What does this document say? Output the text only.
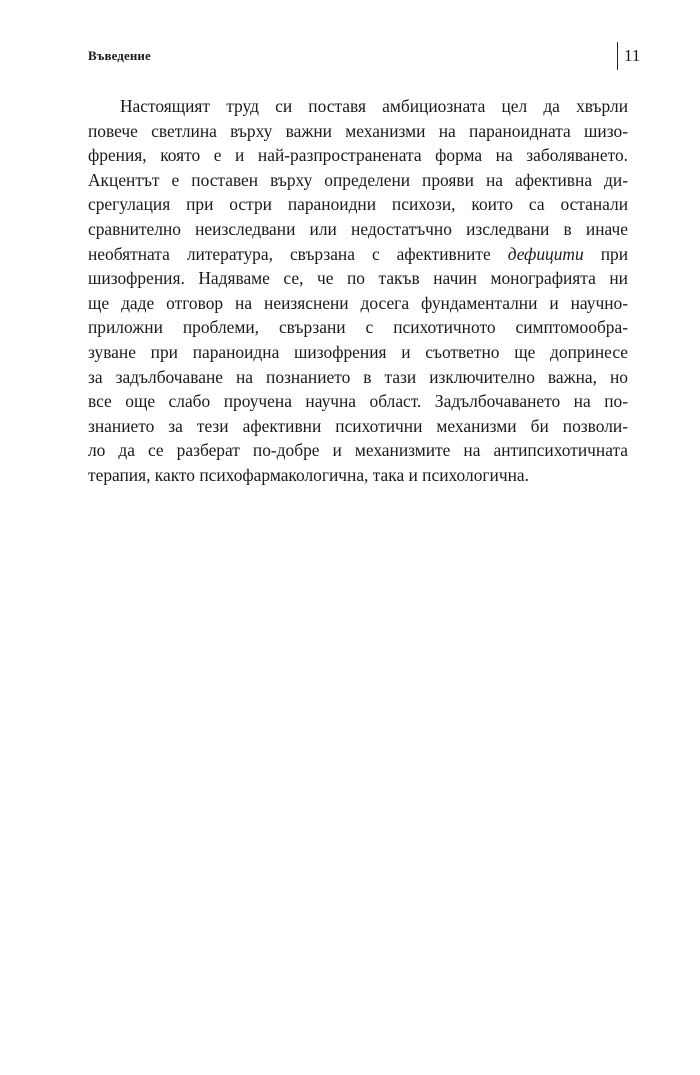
Въведение	11
Настоящият труд си поставя амбициозната цел да хвърли
повече светлина върху важни механизми на параноидната шизо-
френия, която е и най-разпространената форма на заболяването.
Акцентът е поставен върху определени прояви на афективна ди-
срегулация при остри параноидни психози, които са останали
сравнително неизследвани или недостатъчно изследвани в иначе
необятната литература, свързана с афективните дефицити при
шизофрения. Надяваме се, че по такъв начин монографията ни
ще даде отговор на неизяснени досега фундаментални и научно-
приложни проблеми, свързани с психотичното симптомообра-
зуване при параноидна шизофрения и съответно ще допринесе
за задълбочаване на познанието в тази изключително важна, но
все още слабо проучена научна област. Задълбочаването на по-
знанието за тези афективни психотични механизми би позволи-
ло да се разберат по-добре и механизмите на антипсихотичната
терапия, както психофармакологична, така и психологична.
